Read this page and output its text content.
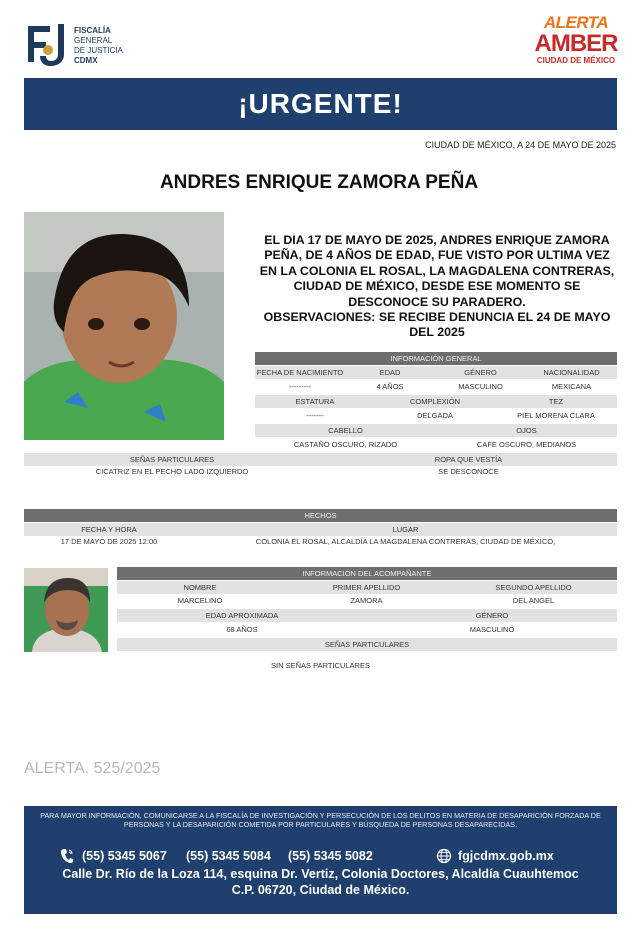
FISCALÍA
GENERAL
DE JUSTICIA
CDMX
ALERTA
AMBER
CIUDAD DE MÉXICO
¡URGENTE!
CIUDAD DE MÉXICO, A 24 DE MAYO DE 2025
ANDRES ENRIQUE ZAMORA PEÑA
EL DIA 17 DE MAYO DE 2025, ANDRES ENRIQUE ZAMORA PEÑA, DE 4 AÑOS DE EDAD, FUE VISTO POR ULTIMA VEZ EN LA COLONIA EL ROSAL, LA MAGDALENA CONTRERAS, CIUDAD DE MÉXICO, DESDE ESE MOMENTO SE DESCONOCE SU PARADERO.
OBSERVACIONES: SE RECIBE DENUNCIA EL 24 DE MAYO DEL 2025
INFORMACIÓN GENERAL
FECHA DE NACIMIENTO	EDAD	GÉNERO	NACIONALIDAD
---------	4 AÑOS	MASCULINO	MEXICANA
ESTATURA	COMPLEXIÓN	TEZ
-------	DELGADA	PIEL MORENA CLARA
CABELLO	OJOS
CASTAÑO OSCURO, RIZADO	CAFE OSCURO, MEDIANOS
SEÑAS PARTICULARES	ROPA QUE VESTÍA
CICATRIZ EN EL PECHO LADO IZQUIERDO	SE DESCONOCE
HECHOS
FECHA Y HORA	LUGAR
17 DE MAYO DE 2025 12:00	COLONIA EL ROSAL, ALCALDÍA LA MAGDALENA CONTRERAS, CIUDAD DE MÉXICO,
INFORMACIÓN DEL ACOMPAÑANTE
NOMBRE	PRIMER APELLIDO	SEGUNDO APELLIDO
MARCELINO	ZAMORA	DEL ANGEL
EDAD APROXIMADA	GÉNERO
68 AÑOS	MASCULINO
SEÑAS PARTICULARES
SIN SEÑAS PARTICULARES
ALERTA. 525/2025
PARA MAYOR INFORMACIÓN, COMUNICARSE A LA FISCALÍA DE INVESTIGACIÓN Y PERSECUCIÓN DE LOS DELITOS EN MATERIA DE DESAPARICIÓN FORZADA DE PERSONAS Y LA DESAPARICIÓN COMETIDA POR PARTICULARES Y BÚSQUEDA DE PERSONAS DESAPARECIDAS.
(55) 5345 5067 (55) 5345 5084 (55) 5345 5082	fgjcdmx.gob.mx
Calle Dr. Río de la Loza 114, esquina Dr. Vertiz, Colonia Doctores, Alcaldía Cuauhtemoc
C.P. 06720, Ciudad de México.
